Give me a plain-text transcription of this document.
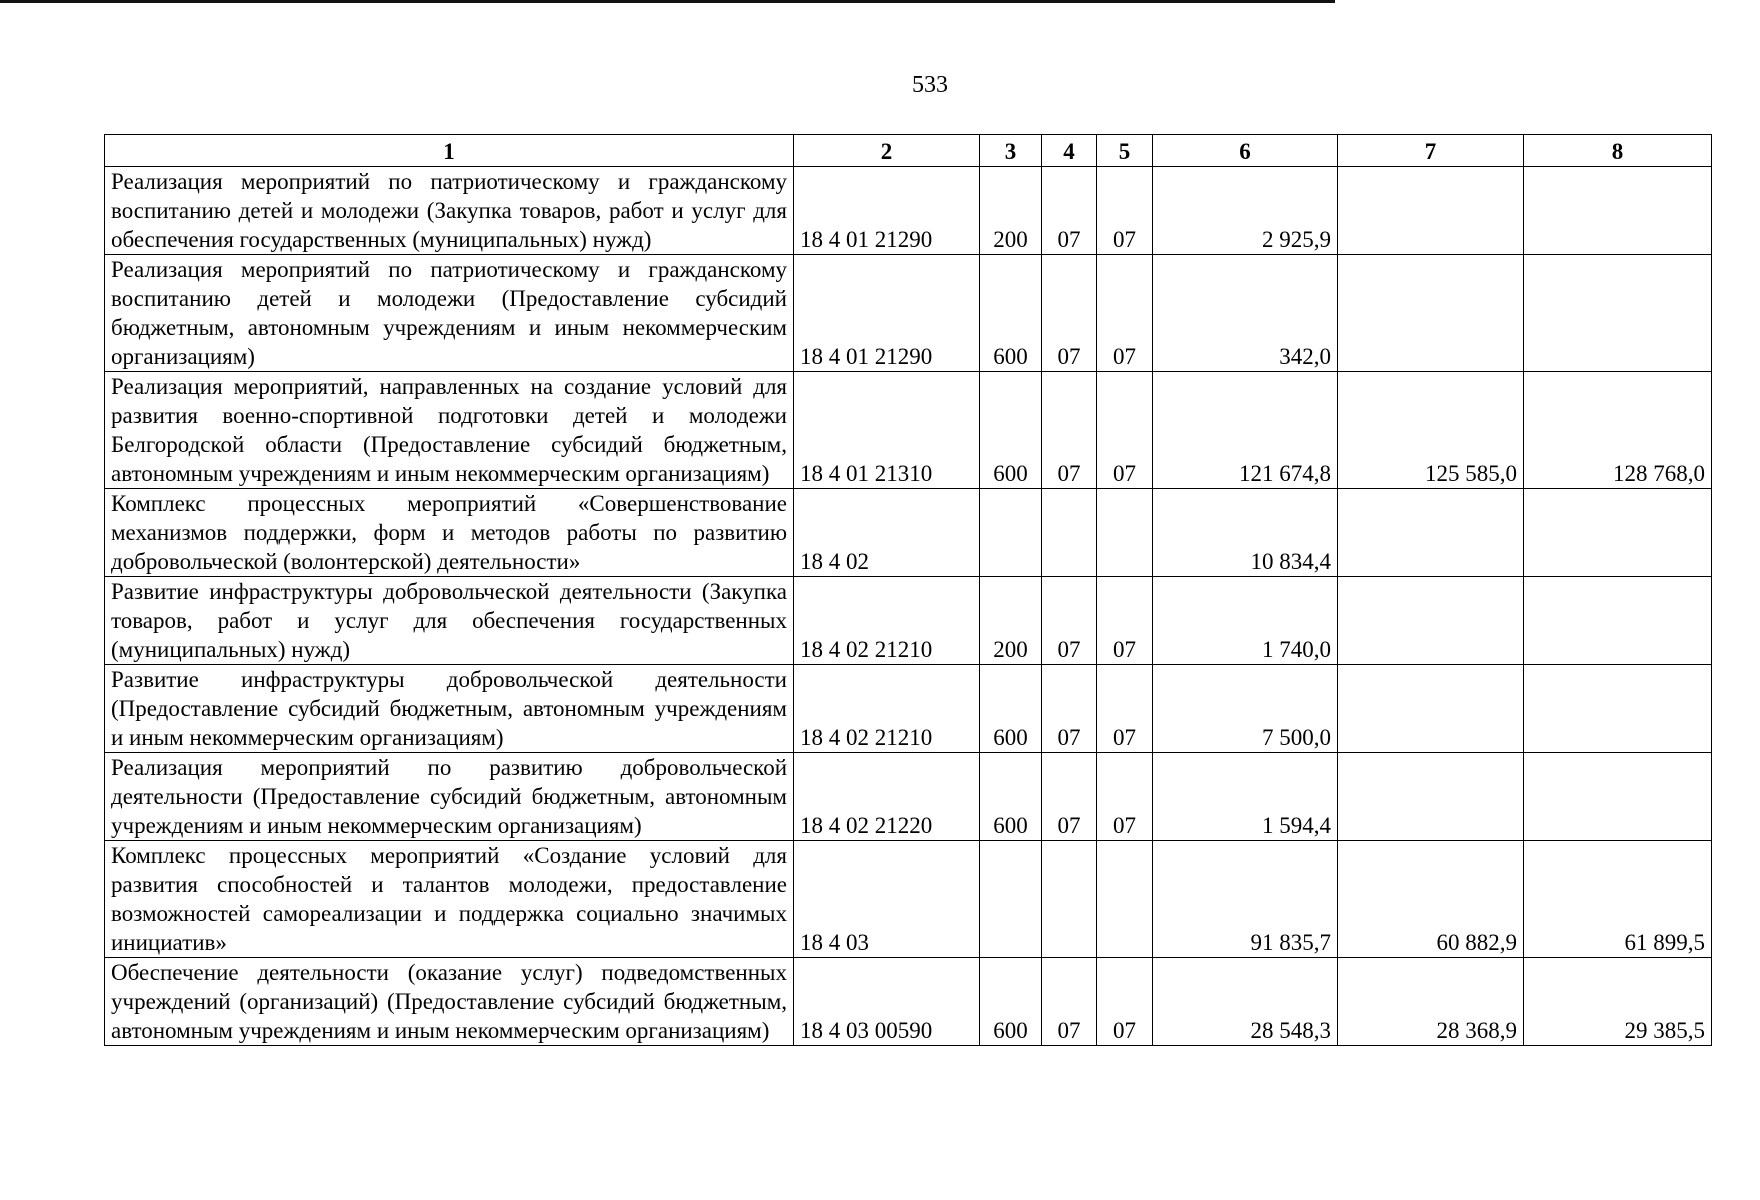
533
1	2	3	4	5	6	7	8
Реализация мероприятий по патриотическому и гражданскому воспитанию детей и молодежи (Закупка товаров, работ и услуг для обеспечения государственных (муниципальных) нужд)	18 4 01 21290	200	07	07	2 925,9		
Реализация мероприятий по патриотическому и гражданскому воспитанию детей и молодежи (Предоставление субсидий бюджетным, автономным учреждениям и иным некоммерческим организациям)	18 4 01 21290	600	07	07	342,0		
Реализация мероприятий, направленных на создание условий для развития военно-спортивной подготовки детей и молодежи Белгородской области (Предоставление субсидий бюджетным, автономным учреждениям и иным некоммерческим организациям)	18 4 01 21310	600	07	07	121 674,8	125 585,0	128 768,0
Комплекс процессных мероприятий «Совершенствование механизмов поддержки, форм и методов работы по развитию добровольческой (волонтерской) деятельности»	18 4 02				10 834,4		
Развитие инфраструктуры добровольческой деятельности (Закупка товаров, работ и услуг для обеспечения государственных (муниципальных) нужд)	18 4 02 21210	200	07	07	1 740,0		
Развитие инфраструктуры добровольческой деятельности (Предоставление субсидий бюджетным, автономным учреждениям и иным некоммерческим организациям)	18 4 02 21210	600	07	07	7 500,0		
Реализация мероприятий по развитию добровольческой деятельности (Предоставление субсидий бюджетным, автономным учреждениям и иным некоммерческим организациям)	18 4 02 21220	600	07	07	1 594,4		
Комплекс процессных мероприятий «Создание условий для развития способностей и талантов молодежи, предоставление возможностей самореализации и поддержка социально значимых инициатив»	18 4 03				91 835,7	60 882,9	61 899,5
Обеспечение деятельности (оказание услуг) подведомственных учреждений (организаций) (Предоставление субсидий бюджетным, автономным учреждениям и иным некоммерческим организациям)	18 4 03 00590	600	07	07	28 548,3	28 368,9	29 385,5
